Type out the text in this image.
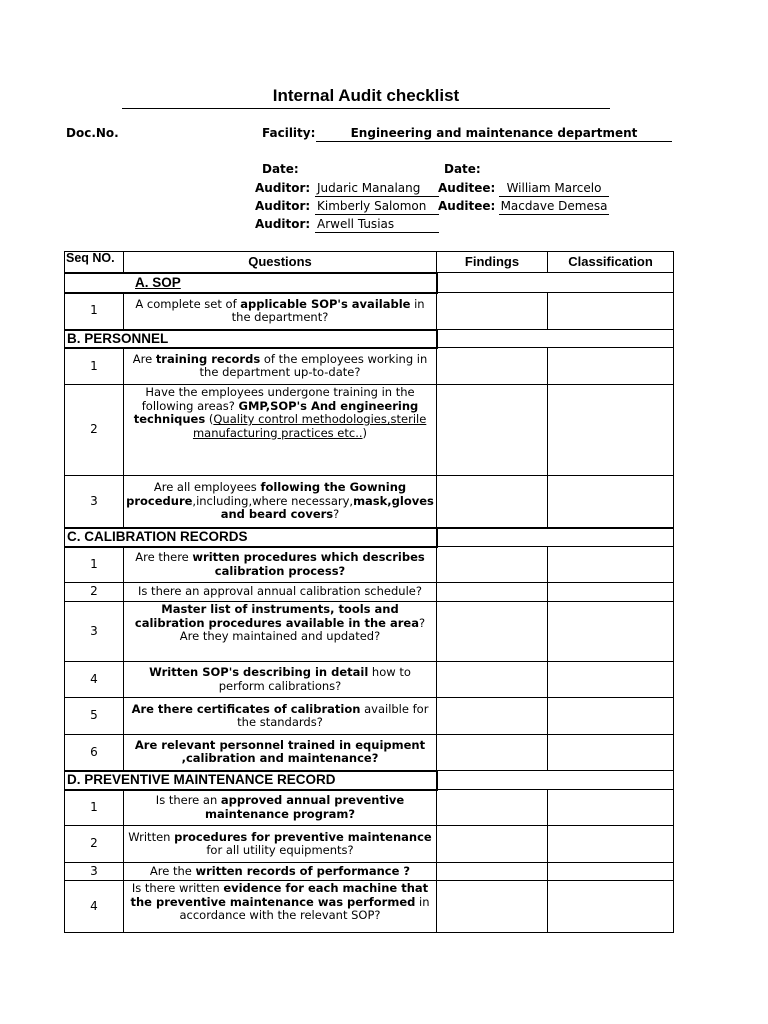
Internal Audit checklist
Doc.No.	Facility:	Engineering and maintenance department
Date:	Date:
Auditor: Judaric Manalang	Auditee: William Marcelo
Auditor: Kimberly Salomon Auditee: Macdave Demesa
Auditor: Arwell Tusias
Seq NO.	Questions	Findings	Classification
A. SOP			
1	A complete set of applicable SOP's available in the department?		
B. PERSONNEL			
1	Are training records of the employees working in the department up-to-date?		
2	Have the employees undergone training in the following areas? GMP,SOP's And engineering techniques (Quality control methodologies,sterile manufacturing practices etc..)		
3	Are all employees following the Gowning procedure,including,where necessary,mask,gloves and beard covers?		
C. CALIBRATION RECORDS			
1	Are there written procedures which describes calibration process?		
2	Is there an approval annual calibration schedule?		
3	Master list of instruments, tools and calibration procedures available in the area? Are they maintained and updated?		
4	Written SOP's describing in detail how to perform calibrations?		
5	Are there certificates of calibration availble for the standards?		
6	Are relevant personnel trained in equipment ,calibration and maintenance?		
D. PREVENTIVE MAINTENANCE RECORD			
1	Is there an approved annual preventive maintenance program?		
2	Written procedures for preventive maintenance for all utility equipments?		
3	Are the written records of performance ?		
4	Is there written evidence for each machine that the preventive maintenance was performed in accordance with the relevant SOP?		
